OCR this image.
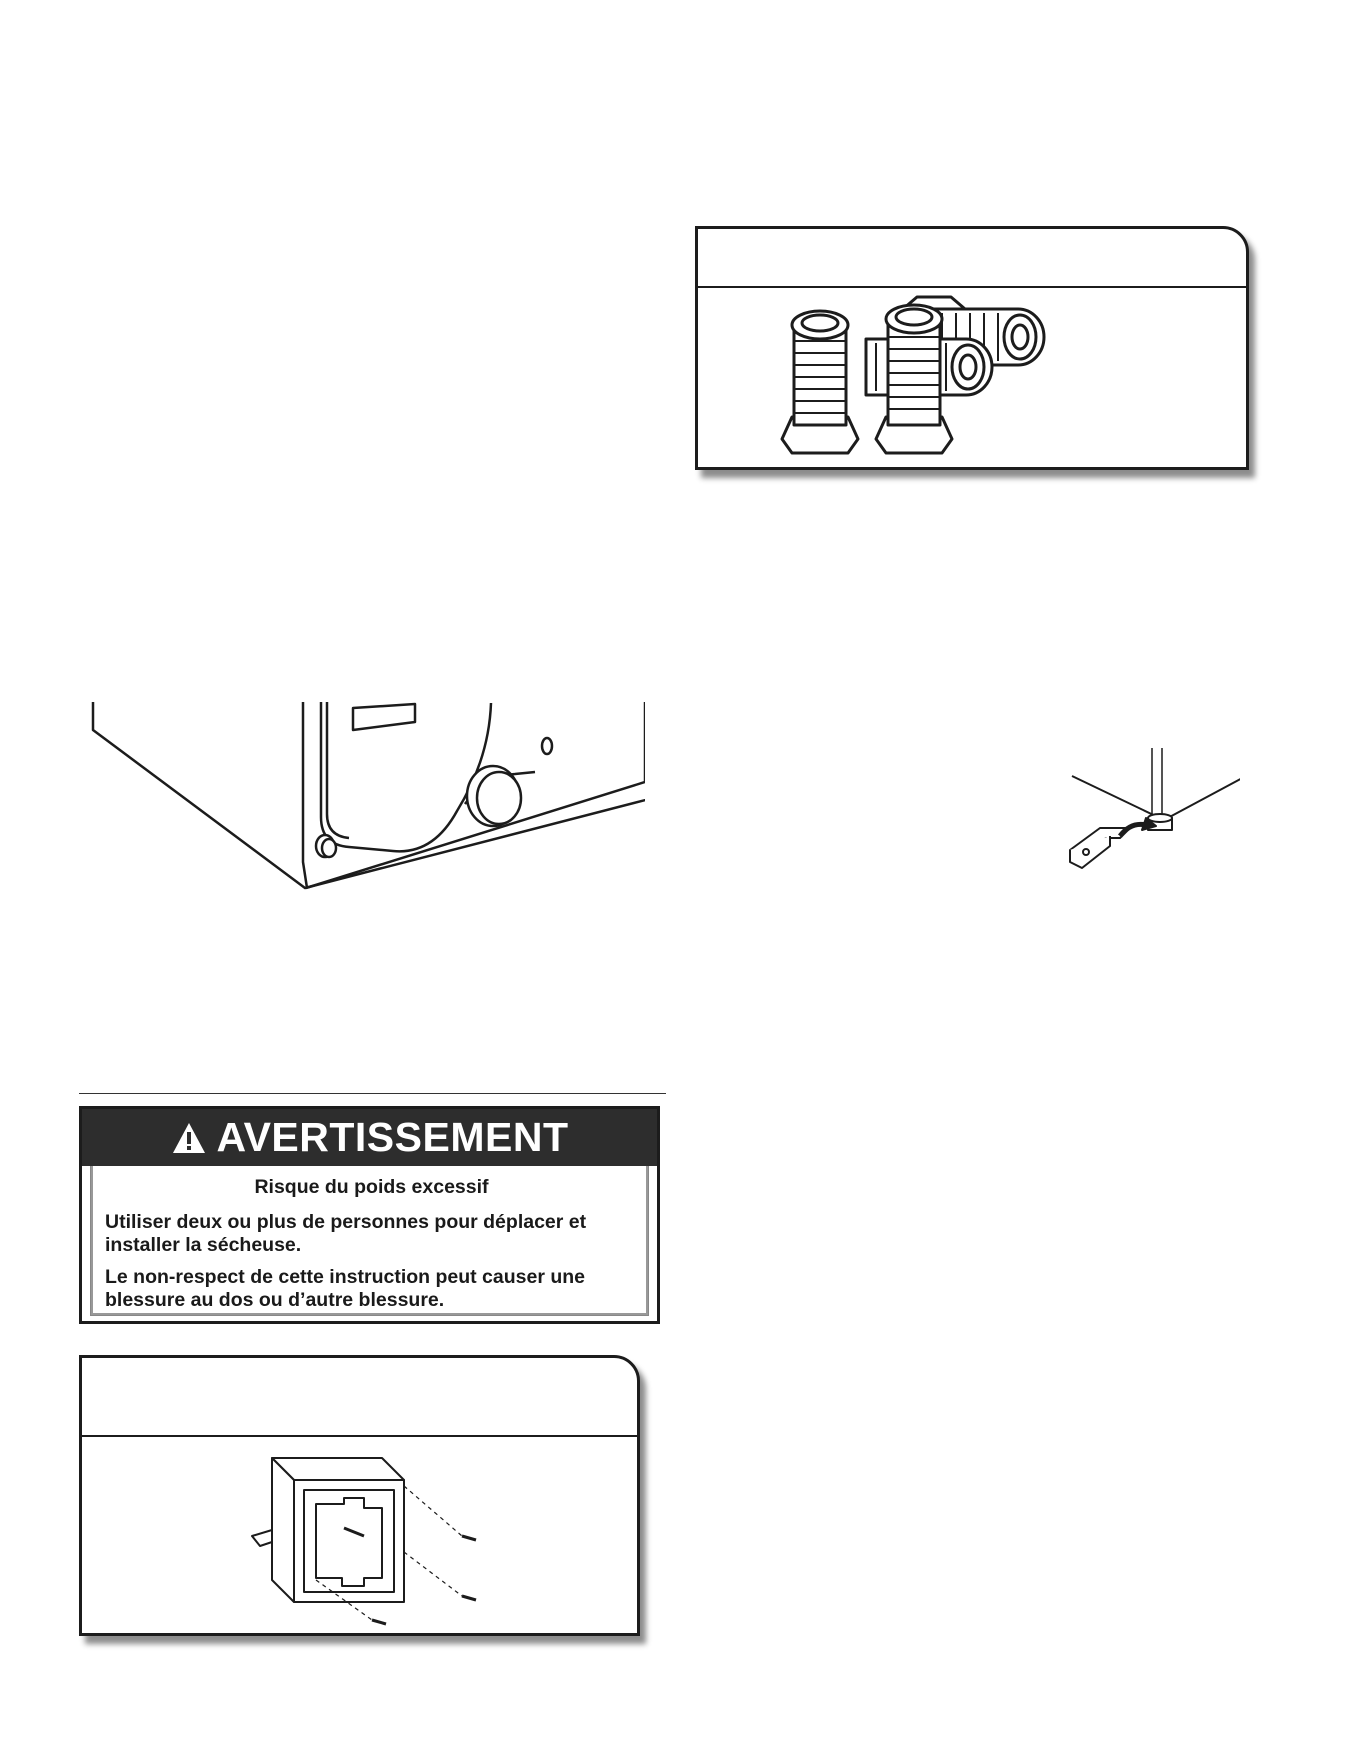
AVERTISSEMENT
Risque du poids excessif

Utiliser deux ou plus de personnes pour déplacer et installer la sécheuse.

Le non-respect de cette instruction peut causer une blessure au dos ou d’autre blessure.
